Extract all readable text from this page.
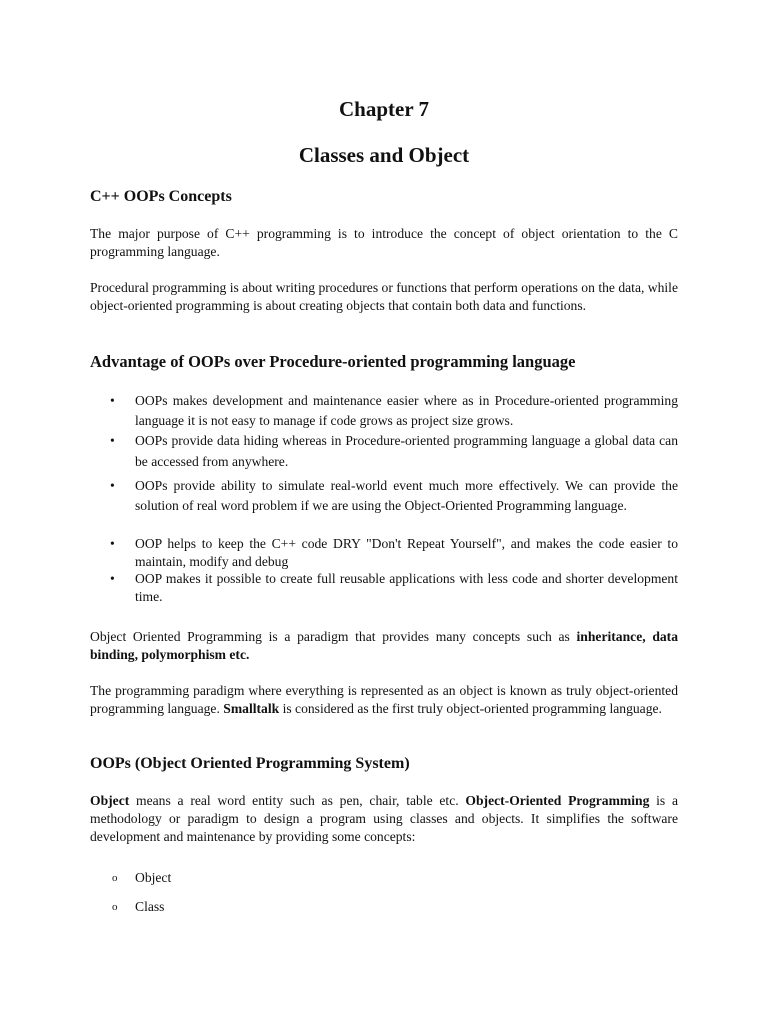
Chapter 7
Classes and Object
C++ OOPs Concepts

The major purpose of C++ programming is to introduce the concept of object orientation to the C programming language.

Procedural programming is about writing procedures or functions that perform operations on the data, while object-oriented programming is about creating objects that contain both data and functions.

Advantage of OOPs over Procedure-oriented programming language
• OOPs makes development and maintenance easier where as in Procedure-oriented programming language it is not easy to manage if code grows as project size grows.
• OOPs provide data hiding whereas in Procedure-oriented programming language a global data can be accessed from anywhere.
• OOPs provide ability to simulate real-world event much more effectively. We can provide the solution of real word problem if we are using the Object-Oriented Programming language.
• OOP helps to keep the C++ code DRY "Don't Repeat Yourself", and makes the code easier to maintain, modify and debug
• OOP makes it possible to create full reusable applications with less code and shorter development time.

Object Oriented Programming is a paradigm that provides many concepts such as inheritance, data binding, polymorphism etc.

The programming paradigm where everything is represented as an object is known as truly object-oriented programming language. Smalltalk is considered as the first truly object-oriented programming language.

OOPs (Object Oriented Programming System)

Object means a real word entity such as pen, chair, table etc. Object-Oriented Programming is a methodology or paradigm to design a program using classes and objects. It simplifies the software development and maintenance by providing some concepts:

o Object
o Class
